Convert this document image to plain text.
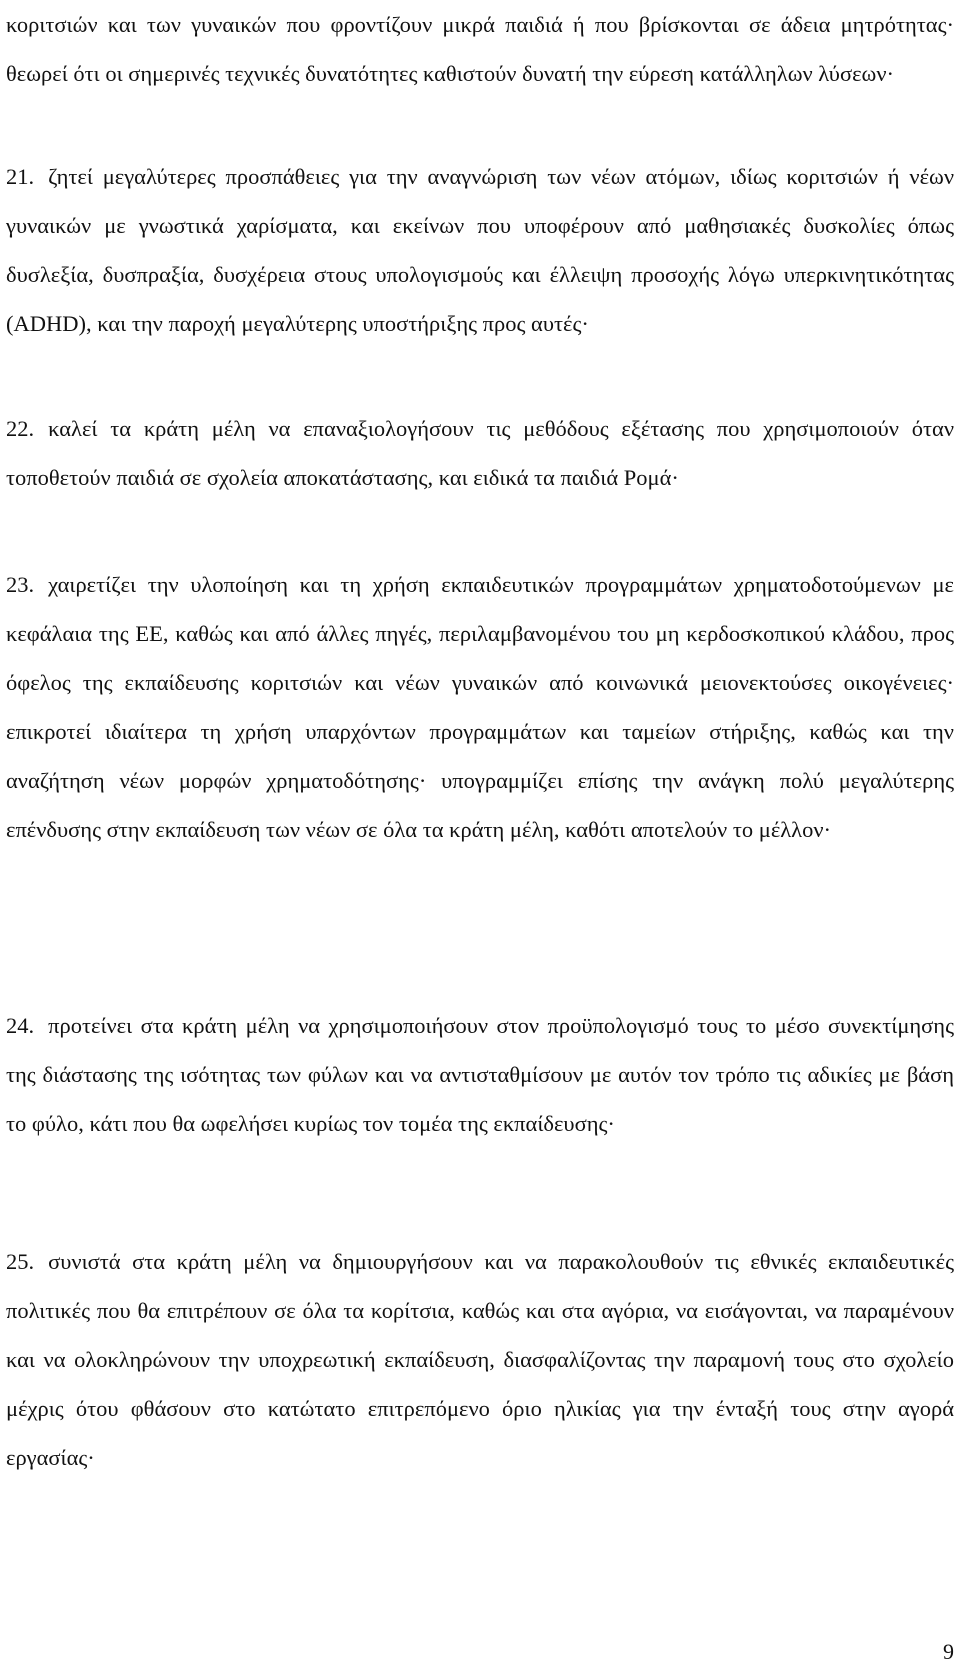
κοριτσιών και των γυναικών που φροντίζουν μικρά παιδιά ή που βρίσκονται σε άδεια μητρότητας· θεωρεί ότι οι σημερινές τεχνικές δυνατότητες καθιστούν δυνατή την εύρεση κατάλληλων λύσεων·

21. ζητεί μεγαλύτερες προσπάθειες για την αναγνώριση των νέων ατόμων, ιδίως κοριτσιών ή νέων γυναικών με γνωστικά χαρίσματα, και εκείνων που υποφέρουν από μαθησιακές δυσκολίες όπως δυσλεξία, δυσπραξία, δυσχέρεια στους υπολογισμούς και έλλειψη προσοχής λόγω υπερκινητικότητας (ADHD), και την παροχή μεγαλύτερης υποστήριξης προς αυτές·

22. καλεί τα κράτη μέλη να επαναξιολογήσουν τις μεθόδους εξέτασης που χρησιμοποιούν όταν τοποθετούν παιδιά σε σχολεία αποκατάστασης, και ειδικά τα παιδιά Ρομά·

23. χαιρετίζει την υλοποίηση και τη χρήση εκπαιδευτικών προγραμμάτων χρηματοδοτούμενων με κεφάλαια της ΕΕ, καθώς και από άλλες πηγές, περιλαμβανομένου του μη κερδοσκοπικού κλάδου, προς όφελος της εκπαίδευσης κοριτσιών και νέων γυναικών από κοινωνικά μειονεκτούσες οικογένειες· επικροτεί ιδιαίτερα τη χρήση υπαρχόντων προγραμμάτων και ταμείων στήριξης, καθώς και την αναζήτηση νέων μορφών χρηματοδότησης· υπογραμμίζει επίσης την ανάγκη πολύ μεγαλύτερης επένδυσης στην εκπαίδευση των νέων σε όλα τα κράτη μέλη, καθότι αποτελούν το μέλλον·

24. προτείνει στα κράτη μέλη να χρησιμοποιήσουν στον προϋπολογισμό τους το μέσο συνεκτίμησης της διάστασης της ισότητας των φύλων και να αντισταθμίσουν με αυτόν τον τρόπο τις αδικίες με βάση το φύλο, κάτι που θα ωφελήσει κυρίως τον τομέα της εκπαίδευσης·

25. συνιστά στα κράτη μέλη να δημιουργήσουν και να παρακολουθούν τις εθνικές εκπαιδευτικές πολιτικές που θα επιτρέπουν σε όλα τα κορίτσια, καθώς και στα αγόρια, να εισάγονται, να παραμένουν και να ολοκληρώνουν την υποχρεωτική εκπαίδευση, διασφαλίζοντας την παραμονή τους στο σχολείο μέχρις ότου φθάσουν στο κατώτατο επιτρεπόμενο όριο ηλικίας για την ένταξή τους στην αγορά εργασίας·

9
